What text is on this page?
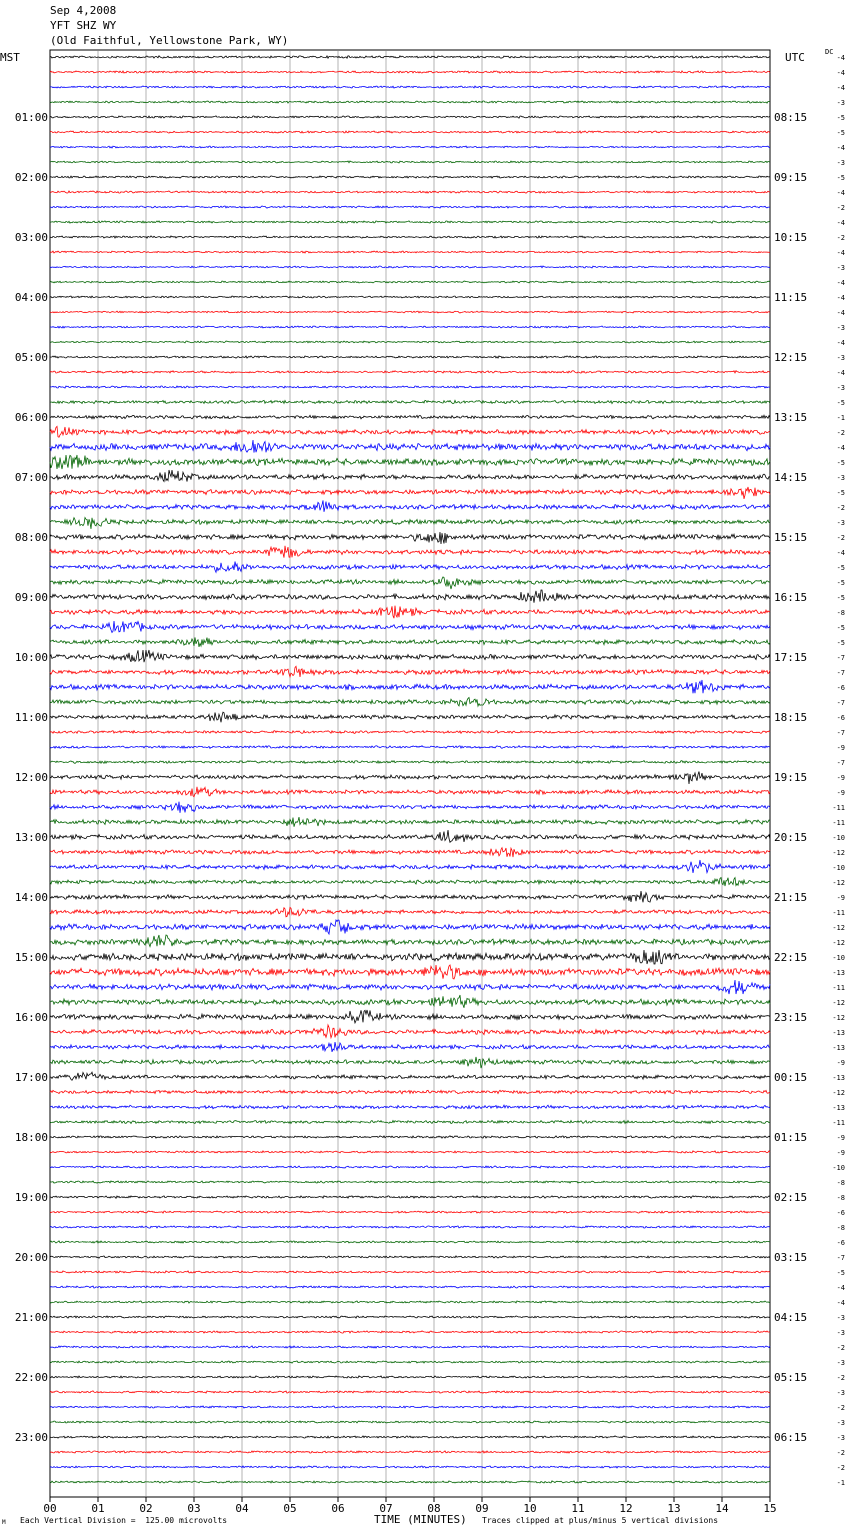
Sep 4,2008
YFT SHZ WY
(Old Faithful, Yellowstone Park, WY)
MST	UTC	DC
00	01	02	03	04	05	06	07	08	09	10	11	12	13	14	15
-4
-4
-4
-3
-5
-5
-4
-3
-5
-4
-2
-4
-2
-4
-3
-4
-4
-4
-3
-4
-3
-4
-3
-5
-1
-2
-4
-5
-3
-5
-2
-3
-2
-4
-5
-5
-5
-8
-5
-5
-7
-7
-6
-7
-6
-7
-9
-7
-9
-9
-11
-11
-10
-12
-10
-12
-9
-11
-12
-12
-10
-13
-11
-12
-12
-13
-13
-9
-13
-12
-13
-11
-9
-9
-10
-8
-8
-6
-8
-6
-7
-5
-4
-4
-3
-3
-2
-3
-2
-3
-2
-3
-3
-2
-2
-1
01:00
02:00
03:00
04:00
05:00
06:00
07:00
08:00
09:00
10:00
11:00
12:00
13:00
14:00
15:00
16:00
17:00
18:00
19:00
20:00
21:00
22:00
23:00
08:15
09:15
10:15
11:15
12:15
13:15
14:15
15:15
16:15
17:15
18:15
19:15
20:15
21:15
22:15
23:15
00:15
01:15
02:15
03:15
04:15
05:15
06:15
M Each Vertical Division =  125.00 microvolts	TIME (MINUTES) Traces clipped at plus/minus 5 vertical divisions
